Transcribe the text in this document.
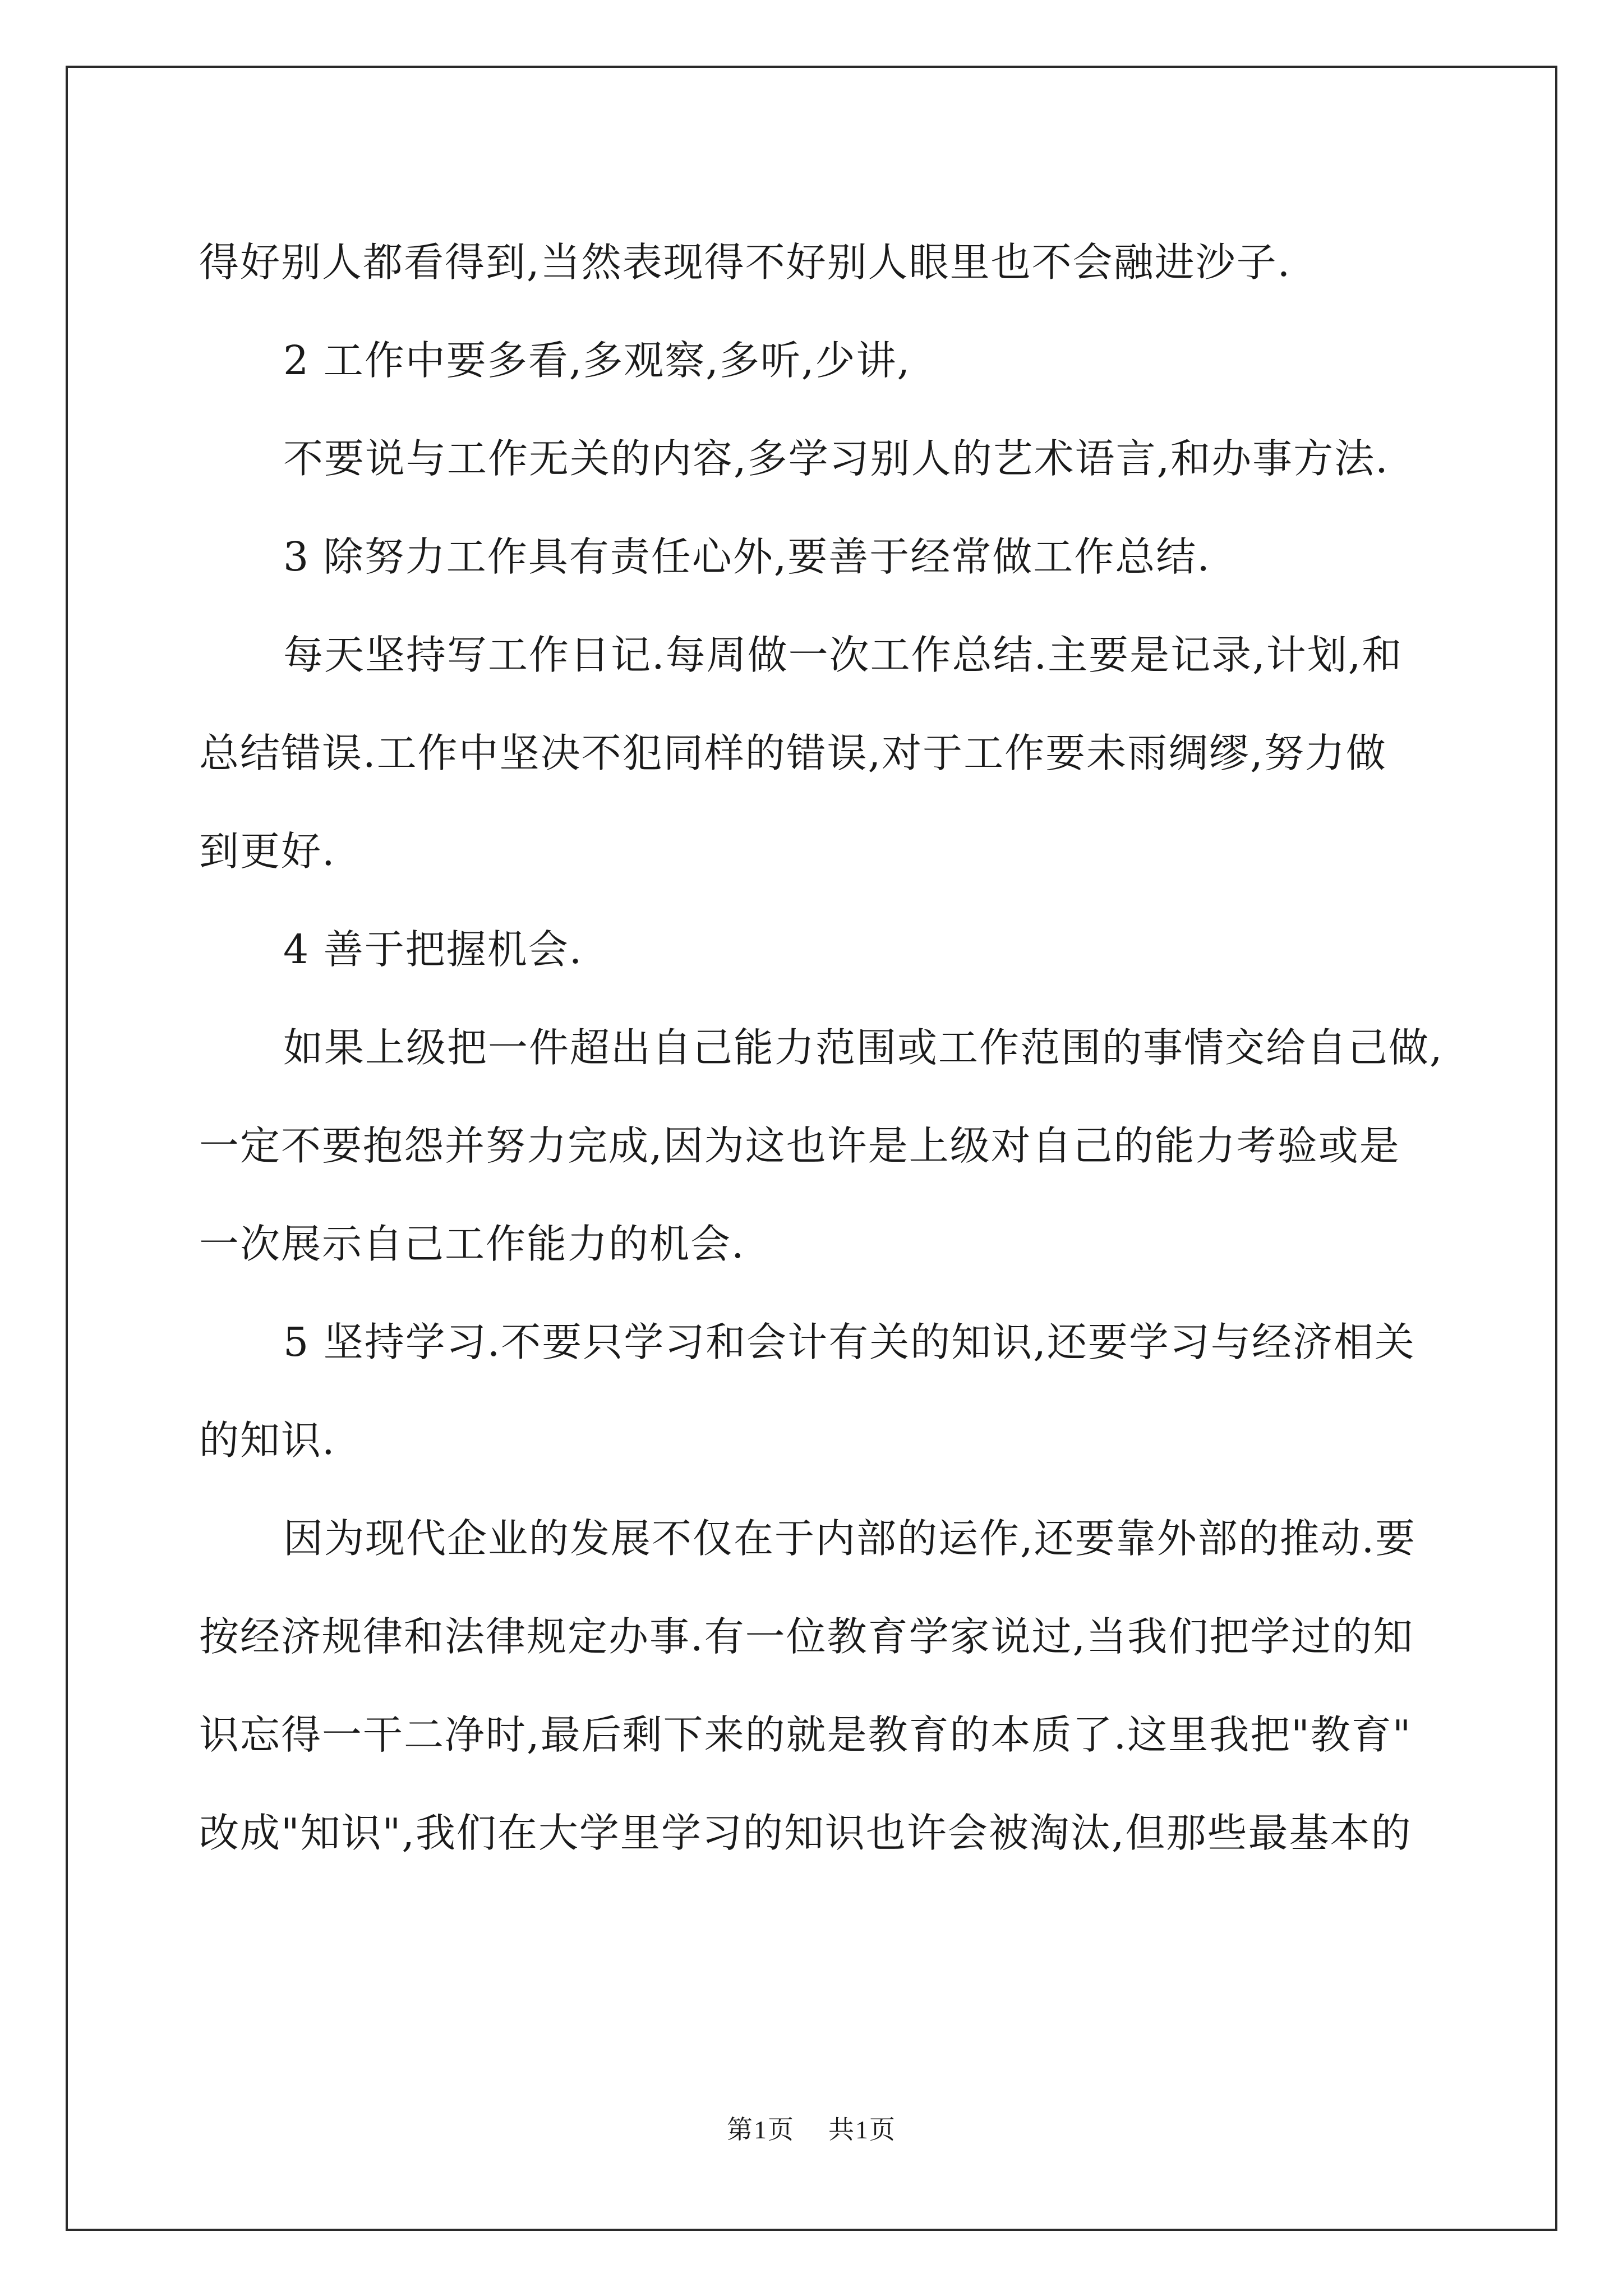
得好别人都看得到,当然表现得不好别人眼里也不会融进沙子.

2 工作中要多看,多观察,多听,少讲,

不要说与工作无关的内容,多学习别人的艺术语言,和办事方法.

3 除努力工作具有责任心外,要善于经常做工作总结.

每天坚持写工作日记.每周做一次工作总结.主要是记录,计划,和

总结错误.工作中坚决不犯同样的错误,对于工作要未雨绸缪,努力做

到更好.

4 善于把握机会.

如果上级把一件超出自己能力范围或工作范围的事情交给自己做,

一定不要抱怨并努力完成,因为这也许是上级对自己的能力考验或是

一次展示自己工作能力的机会.

5 坚持学习.不要只学习和会计有关的知识,还要学习与经济相关

的知识.

因为现代企业的发展不仅在于内部的运作,还要靠外部的推动.要

按经济规律和法律规定办事.有一位教育学家说过,当我们把学过的知

识忘得一干二净时,最后剩下来的就是教育的本质了.这里我把"教育"

改成"知识",我们在大学里学习的知识也许会被淘汰,但那些最基本的

第1页 共1页
